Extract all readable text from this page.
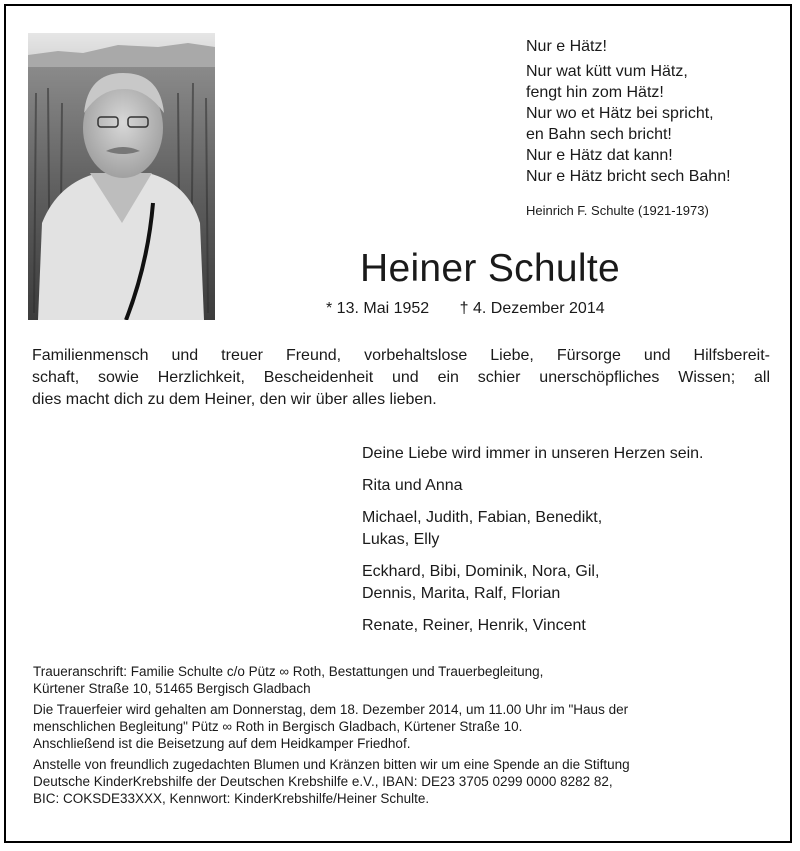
Nur e Hätz!
Nur wat kütt vum Hätz,
fengt hin zom Hätz!
Nur wo et Hätz bei spricht,
en Bahn sech bricht!
Nur e Hätz dat kann!
Nur e Hätz bricht sech Bahn!
Heinrich F. Schulte (1921-1973)
Heiner Schulte
* 13. Mai 1952 † 4. Dezember 2014
Familienmensch und treuer Freund, vorbehaltslose Liebe, Fürsorge und Hilfsbereit-
schaft, sowie Herzlichkeit, Bescheidenheit und ein schier unerschöpfliches Wissen; all
dies macht dich zu dem Heiner, den wir über alles lieben.
Deine Liebe wird immer in unseren Herzen sein.
Rita und Anna
Michael, Judith, Fabian, Benedikt,
Lukas, Elly
Eckhard, Bibi, Dominik, Nora, Gil,
Dennis, Marita, Ralf, Florian
Renate, Reiner, Henrik, Vincent
Traueranschrift: Familie Schulte c/o Pütz ∞ Roth, Bestattungen und Trauerbegleitung,
Kürtener Straße 10, 51465 Bergisch Gladbach
Die Trauerfeier wird gehalten am Donnerstag, dem 18. Dezember 2014, um 11.00 Uhr im "Haus der
menschlichen Begleitung" Pütz ∞ Roth in Bergisch Gladbach, Kürtener Straße 10.
Anschließend ist die Beisetzung auf dem Heidkamper Friedhof.
Anstelle von freundlich zugedachten Blumen und Kränzen bitten wir um eine Spende an die Stiftung
Deutsche KinderKrebshilfe der Deutschen Krebshilfe e.V., IBAN: DE23 3705 0299 0000 8282 82,
BIC: COKSDE33XXX, Kennwort: KinderKrebshilfe/Heiner Schulte.
